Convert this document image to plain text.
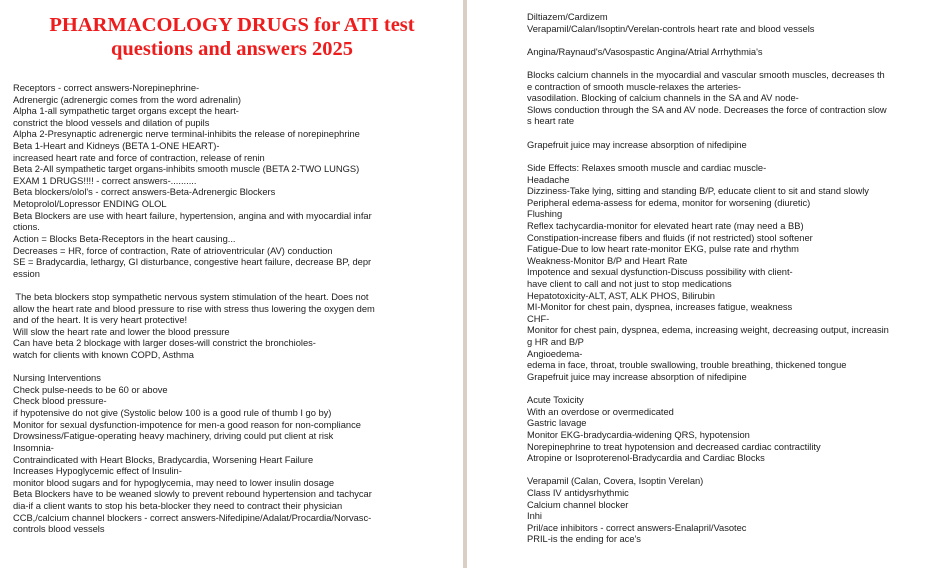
PHARMACOLOGY DRUGS for ATI test
questions and answers 2025
Receptors - correct answers-Norepinephrine-
Adrenergic (adrenergic comes from the word adrenalin)
Alpha 1-all sympathetic target organs except the heart-
constrict the blood vessels and dilation of pupils
Alpha 2-Presynaptic adrenergic nerve terminal-inhibits the release of norepinephrine
Beta 1-Heart and Kidneys (BETA 1-ONE HEART)-
increased heart rate and force of contraction, release of renin
Beta 2-All sympathetic target organs-inhibits smooth muscle (BETA 2-TWO LUNGS)
EXAM 1 DRUGS!!!! - correct answers-..........
Beta blockers/olol's - correct answers-Beta-Adrenergic Blockers
Metoprolol/Lopressor ENDING OLOL
Beta Blockers are use with heart failure, hypertension, angina and with myocardial infar
ctions.
Action = Blocks Beta-Receptors in the heart causing...
Decreases = HR, force of contraction, Rate of atrioventricular (AV) conduction
SE = Bradycardia, lethargy, GI disturbance, congestive heart failure, decrease BP, depr
ession
The beta blockers stop sympathetic nervous system stimulation of the heart. Does not
allow the heart rate and blood pressure to rise with stress thus lowering the oxygen dem
and of the heart. It is very heart protective!
Will slow the heart rate and lower the blood pressure
Can have beta 2 blockage with larger doses-will constrict the bronchioles-
watch for clients with known COPD, Asthma
Nursing Interventions
Check pulse-needs to be 60 or above
Check blood pressure-
if hypotensive do not give (Systolic below 100 is a good rule of thumb I go by)
Monitor for sexual dysfunction-impotence for men-a good reason for non-compliance
Drowsiness/Fatigue-operating heavy machinery, driving could put client at risk
Insomnia-
Contraindicated with Heart Blocks, Bradycardia, Worsening Heart Failure
Increases Hypoglycemic effect of Insulin-
monitor blood sugars and for hypoglycemia, may need to lower insulin dosage
Beta Blockers have to be weaned slowly to prevent rebound hypertension and tachycar
dia-if a client wants to stop his beta-blocker they need to contract their physician
CCB,/calcium channel blockers - correct answers-Nifedipine/Adalat/Procardia/Norvasc-
controls blood vessels
Diltiazem/Cardizem
Verapamil/Calan/Isoptin/Verelan-controls heart rate and blood vessels
Angina/Raynaud's/Vasospastic Angina/Atrial Arrhythmia's
Blocks calcium channels in the myocardial and vascular smooth muscles, decreases th
e contraction of smooth muscle-relaxes the arteries-
vasodilation. Blocking of calcium channels in the SA and AV node-
Slows conduction through the SA and AV node. Decreases the force of contraction slow
s heart rate
Grapefruit juice may increase absorption of nifedipine
Side Effects: Relaxes smooth muscle and cardiac muscle-
Headache
Dizziness-Take lying, sitting and standing B/P, educate client to sit and stand slowly
Peripheral edema-assess for edema, monitor for worsening (diuretic)
Flushing
Reflex tachycardia-monitor for elevated heart rate (may need a BB)
Constipation-increase fibers and fluids (if not restricted) stool softener
Fatigue-Due to low heart rate-monitor EKG, pulse rate and rhythm
Weakness-Monitor B/P and Heart Rate
Impotence and sexual dysfunction-Discuss possibility with client-
have client to call and not just to stop medications
Hepatotoxicity-ALT, AST, ALK PHOS, Bilirubin
MI-Monitor for chest pain, dyspnea, increases fatigue, weakness
CHF-
Monitor for chest pain, dyspnea, edema, increasing weight, decreasing output, increasin
g HR and B/P
Angioedema-
edema in face, throat, trouble swallowing, trouble breathing, thickened tongue
Grapefruit juice may increase absorption of nifedipine
Acute Toxicity
With an overdose or overmedicated
Gastric lavage
Monitor EKG-bradycardia-widening QRS, hypotension
Norepinephrine to treat hypotension and decreased cardiac contractility
Atropine or Isoproterenol-Bradycardia and Cardiac Blocks
Verapamil (Calan, Covera, Isoptin Verelan)
Class IV antidysrhythmic
Calcium channel blocker
Inhi
Pril/ace inhibitors - correct answers-Enalapril/Vasotec
PRIL-is the ending for ace's
